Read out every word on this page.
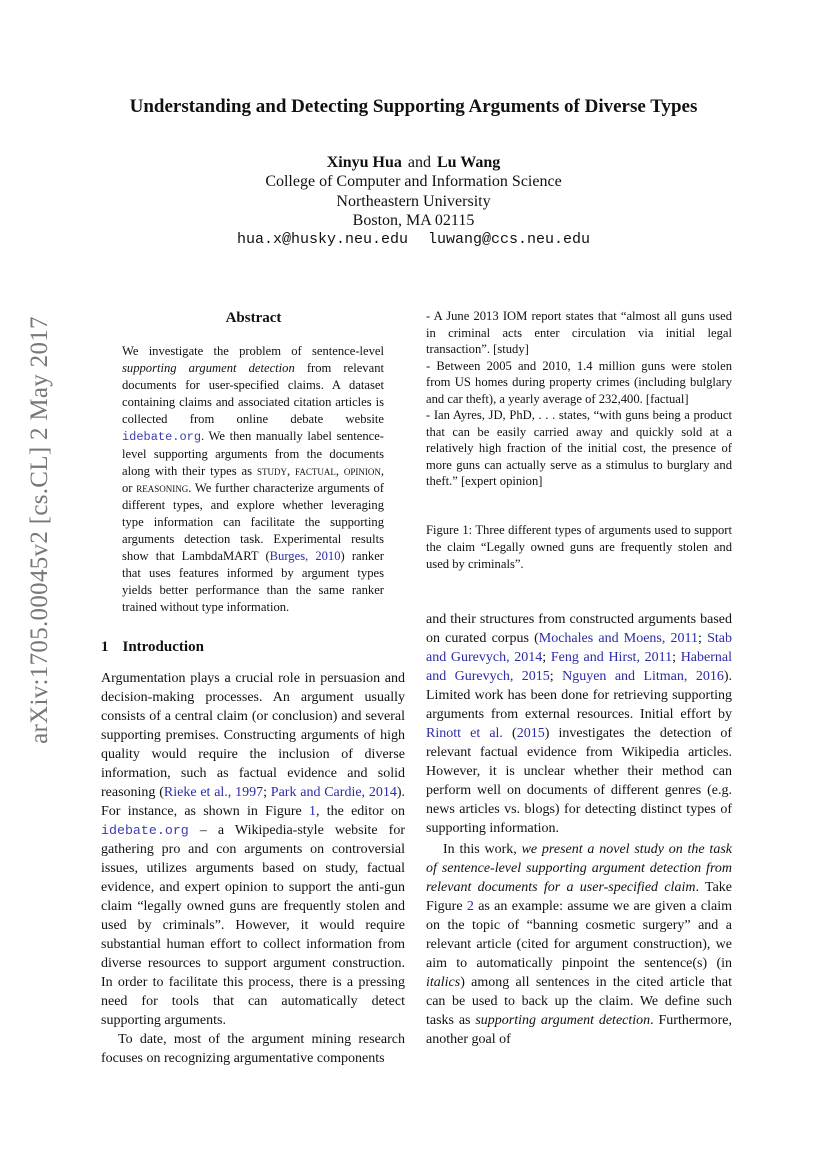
arXiv:1705.00045v2 [cs.CL] 2 May 2017
Understanding and Detecting Supporting Arguments of Diverse Types
Xinyu Hua and Lu Wang
College of Computer and Information Science
Northeastern University
Boston, MA 02115
hua.x@husky.neu.edu luwang@ccs.neu.edu
Abstract

We investigate the problem of sentence-level supporting argument detection from relevant documents for user-specified claims. A dataset containing claims and associated citation articles is collected from online debate website idebate.org. We then manually label sentence-level supporting arguments from the documents along with their types as study, factual, opinion, or reasoning. We further characterize arguments of different types, and explore whether leveraging type information can facilitate the supporting arguments detection task. Experimental results show that LambdaMART (Burges, 2010) ranker that uses features informed by argument types yields better performance than the same ranker trained without type information.

1 Introduction

Argumentation plays a crucial role in persuasion and decision-making processes. An argument usually consists of a central claim (or conclusion) and several supporting premises. Constructing arguments of high quality would require the inclusion of diverse information, such as factual evidence and solid reasoning (Rieke et al., 1997; Park and Cardie, 2014). For instance, as shown in Figure 1, the editor on idebate.org – a Wikipedia-style website for gathering pro and con arguments on controversial issues, utilizes arguments based on study, factual evidence, and expert opinion to support the anti-gun claim “legally owned guns are frequently stolen and used by criminals”. However, it would require substantial human effort to collect information from diverse resources to support argument construction. In order to facilitate this process, there is a pressing need for tools that can automatically detect supporting arguments.

To date, most of the argument mining research focuses on recognizing argumentative components

- A June 2013 IOM report states that “almost all guns used in criminal acts enter circulation via initial legal transaction”. [study]
- Between 2005 and 2010, 1.4 million guns were stolen from US homes during property crimes (including bulglary and car theft), a yearly average of 232,400. [factual]
- Ian Ayres, JD, PhD, . . . states, “with guns being a product that can be easily carried away and quickly sold at a relatively high fraction of the initial cost, the presence of more guns can actually serve as a stimulus to burglary and theft.” [expert opinion]
Figure 1: Three different types of arguments used to support the claim “Legally owned guns are frequently stolen and used by criminals”.

and their structures from constructed arguments based on curated corpus (Mochales and Moens, 2011; Stab and Gurevych, 2014; Feng and Hirst, 2011; Habernal and Gurevych, 2015; Nguyen and Litman, 2016). Limited work has been done for retrieving supporting arguments from external resources. Initial effort by Rinott et al. (2015) investigates the detection of relevant factual evidence from Wikipedia articles. However, it is unclear whether their method can perform well on documents of different genres (e.g. news articles vs. blogs) for detecting distinct types of supporting information.

In this work, we present a novel study on the task of sentence-level supporting argument detection from relevant documents for a user-specified claim. Take Figure 2 as an example: assume we are given a claim on the topic of “banning cosmetic surgery” and a relevant article (cited for argument construction), we aim to automatically pinpoint the sentence(s) (in italics) among all sentences in the cited article that can be used to back up the claim. We define such tasks as supporting argument detection. Furthermore, another goal of
